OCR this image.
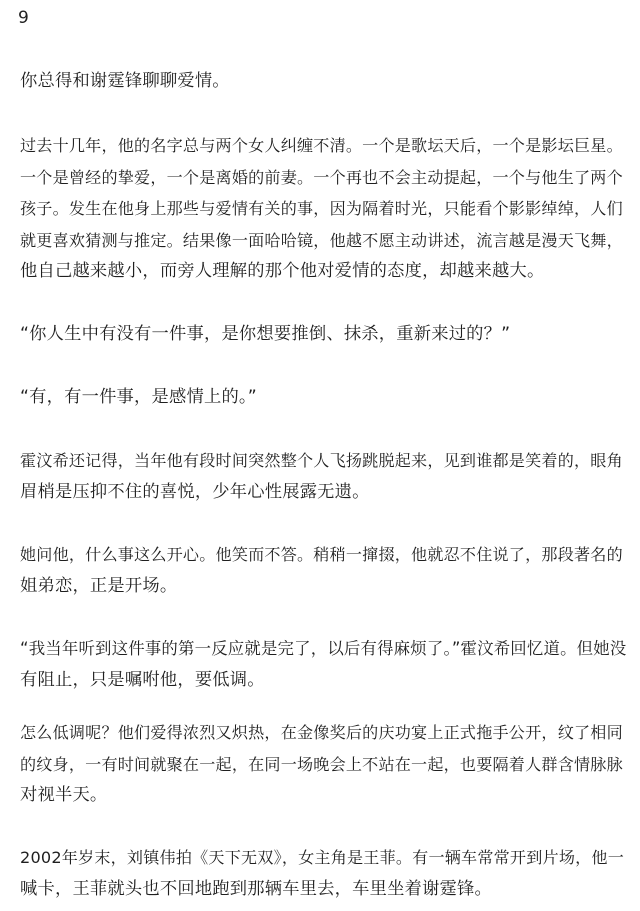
9

你总得和谢霆锋聊聊爱情。

过去十几年，他的名字总与两个女人纠缠不清。一个是歌坛天后，一个是影坛巨星。
一个是曾经的挚爱，一个是离婚的前妻。一个再也不会主动提起，一个与他生了两个
孩子。发生在他身上那些与爱情有关的事，因为隔着时光，只能看个影影绰绰，人们
就更喜欢猜测与推定。结果像一面哈哈镜，他越不愿主动讲述，流言越是漫天飞舞，
他自己越来越小，而旁人理解的那个他对爱情的态度，却越来越大。

“你人生中有没有一件事，是你想要推倒、抹杀，重新来过的？”

“有，有一件事，是感情上的。”

霍汶希还记得，当年他有段时间突然整个人飞扬跳脱起来，见到谁都是笑着的，眼角
眉梢是压抑不住的喜悦，少年心性展露无遗。

她问他，什么事这么开心。他笑而不答。稍稍一撺掇，他就忍不住说了，那段著名的
姐弟恋，正是开场。

“我当年听到这件事的第一反应就是完了，以后有得麻烦了。”霍汶希回忆道。但她没
有阻止，只是嘱咐他，要低调。

怎么低调呢？他们爱得浓烈又炽热，在金像奖后的庆功宴上正式拖手公开，纹了相同
的纹身，一有时间就聚在一起，在同一场晚会上不站在一起，也要隔着人群含情脉脉
对视半天。

2002年岁末，刘镇伟拍《天下无双》，女主角是王菲。有一辆车常常开到片场，他一
喊卡，王菲就头也不回地跑到那辆车里去，车里坐着谢霆锋。
